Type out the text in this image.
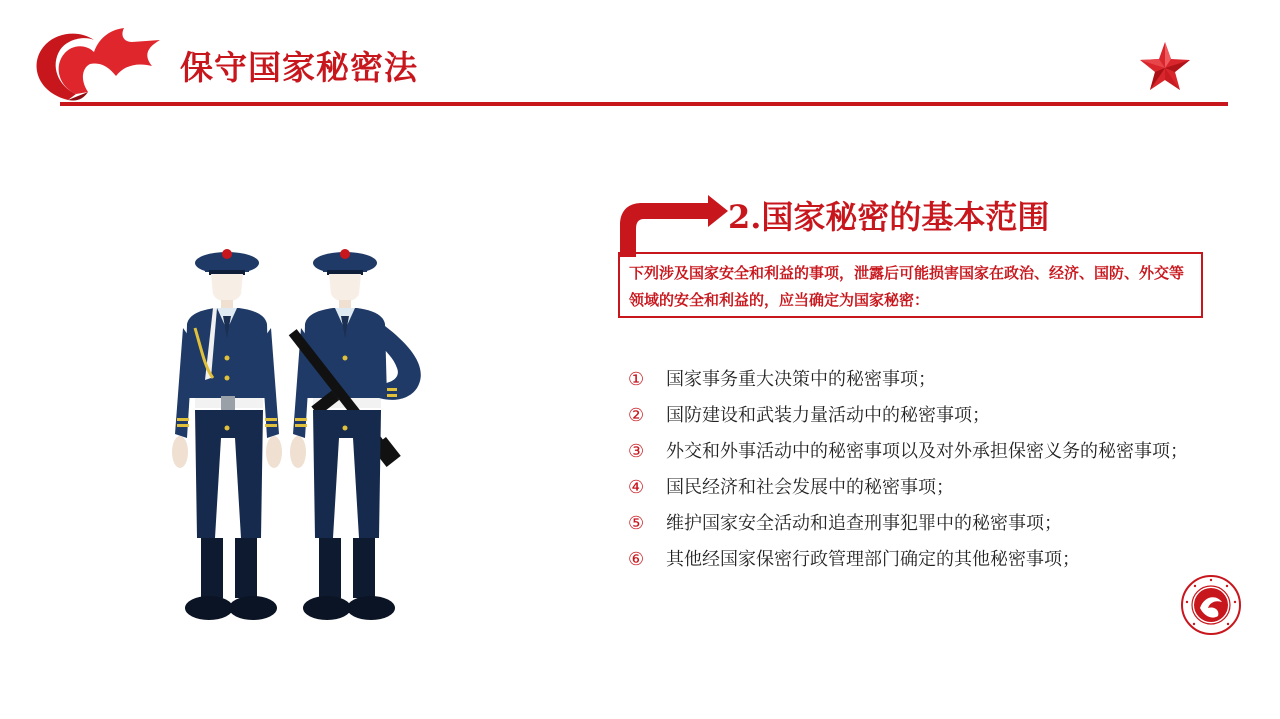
保守国家秘密法
2.国家秘密的基本范围
下列涉及国家安全和利益的事项，泄露后可能损害国家在政治、经济、国防、外交等领域的安全和利益的，应当确定为国家秘密：
①	国家事务重大决策中的秘密事项；
②	国防建设和武装力量活动中的秘密事项；
③	外交和外事活动中的秘密事项以及对外承担保密义务的秘密事项；
④	国民经济和社会发展中的秘密事项；
⑤	维护国家安全活动和追查刑事犯罪中的秘密事项；
⑥	其他经国家保密行政管理部门确定的其他秘密事项；
